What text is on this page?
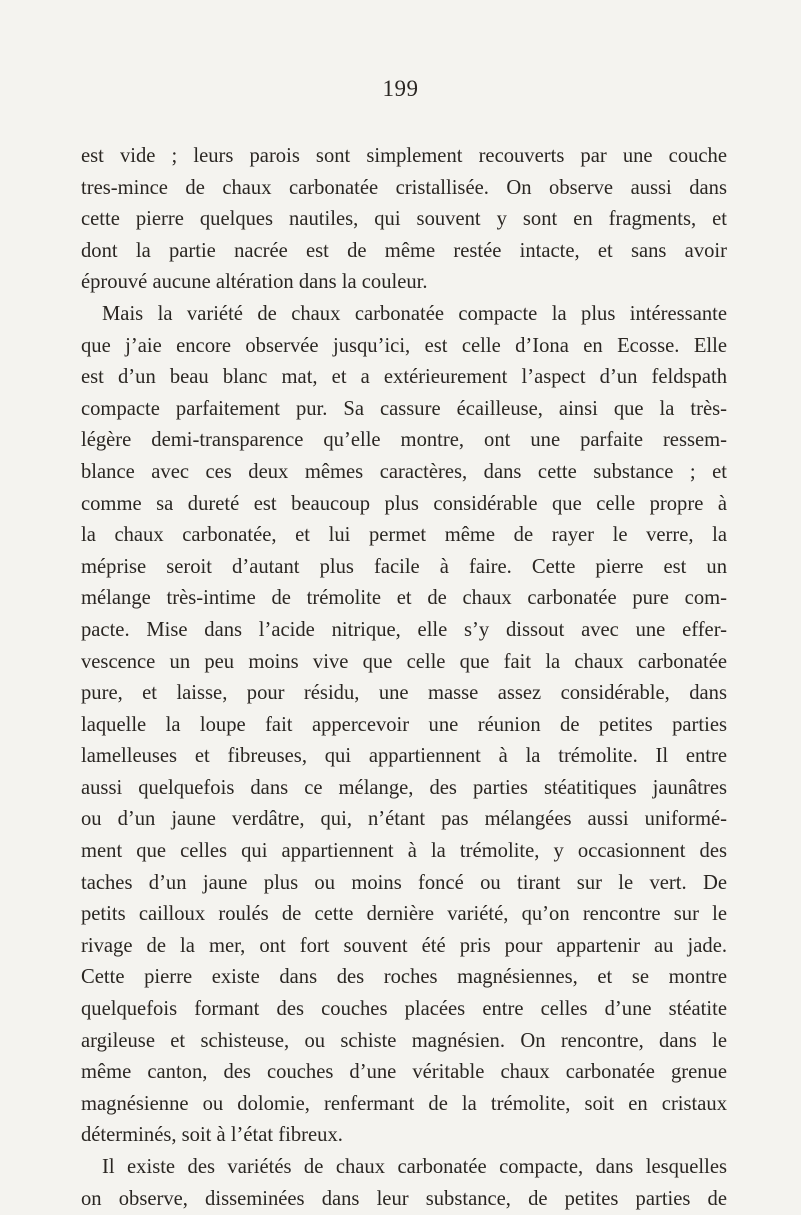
199
est vide ; leurs parois sont simplement recouverts par une couche
tres-mince de chaux carbonatée cristallisée. On observe aussi dans
cette pierre quelques nautiles, qui souvent y sont en fragments, et
dont la partie nacrée est de même restée intacte, et sans avoir
éprouvé aucune altération dans la couleur.
Mais la variété de chaux carbonatée compacte la plus intéressante
que j’aie encore observée jusqu’ici, est celle d’Iona en Ecosse. Elle
est d’un beau blanc mat, et a extérieurement l’aspect d’un feldspath
compacte parfaitement pur. Sa cassure écailleuse, ainsi que la très-
légère demi-transparence qu’elle montre, ont une parfaite ressem-
blance avec ces deux mêmes caractères, dans cette substance ; et
comme sa dureté est beaucoup plus considérable que celle propre à
la chaux carbonatée, et lui permet même de rayer le verre, la
méprise seroit d’autant plus facile à faire. Cette pierre est un
mélange très-intime de trémolite et de chaux carbonatée pure com-
pacte. Mise dans l’acide nitrique, elle s’y dissout avec une effer-
vescence un peu moins vive que celle que fait la chaux carbonatée
pure, et laisse, pour résidu, une masse assez considérable, dans
laquelle la loupe fait appercevoir une réunion de petites parties
lamelleuses et fibreuses, qui appartiennent à la trémolite. Il entre
aussi quelquefois dans ce mélange, des parties stéatitiques jaunâtres
ou d’un jaune verdâtre, qui, n’étant pas mélangées aussi uniformé-
ment que celles qui appartiennent à la trémolite, y occasionnent des
taches d’un jaune plus ou moins foncé ou tirant sur le vert. De
petits cailloux roulés de cette dernière variété, qu’on rencontre sur le
rivage de la mer, ont fort souvent été pris pour appartenir au jade.
Cette pierre existe dans des roches magnésiennes, et se montre
quelquefois formant des couches placées entre celles d’une stéatite
argileuse et schisteuse, ou schiste magnésien. On rencontre, dans le
même canton, des couches d’une véritable chaux carbonatée grenue
magnésienne ou dolomie, renfermant de la trémolite, soit en cristaux
déterminés, soit à l’état fibreux.
Il existe des variétés de chaux carbonatée compacte, dans lesquelles
on observe, disseminées dans leur substance, de petites parties de
